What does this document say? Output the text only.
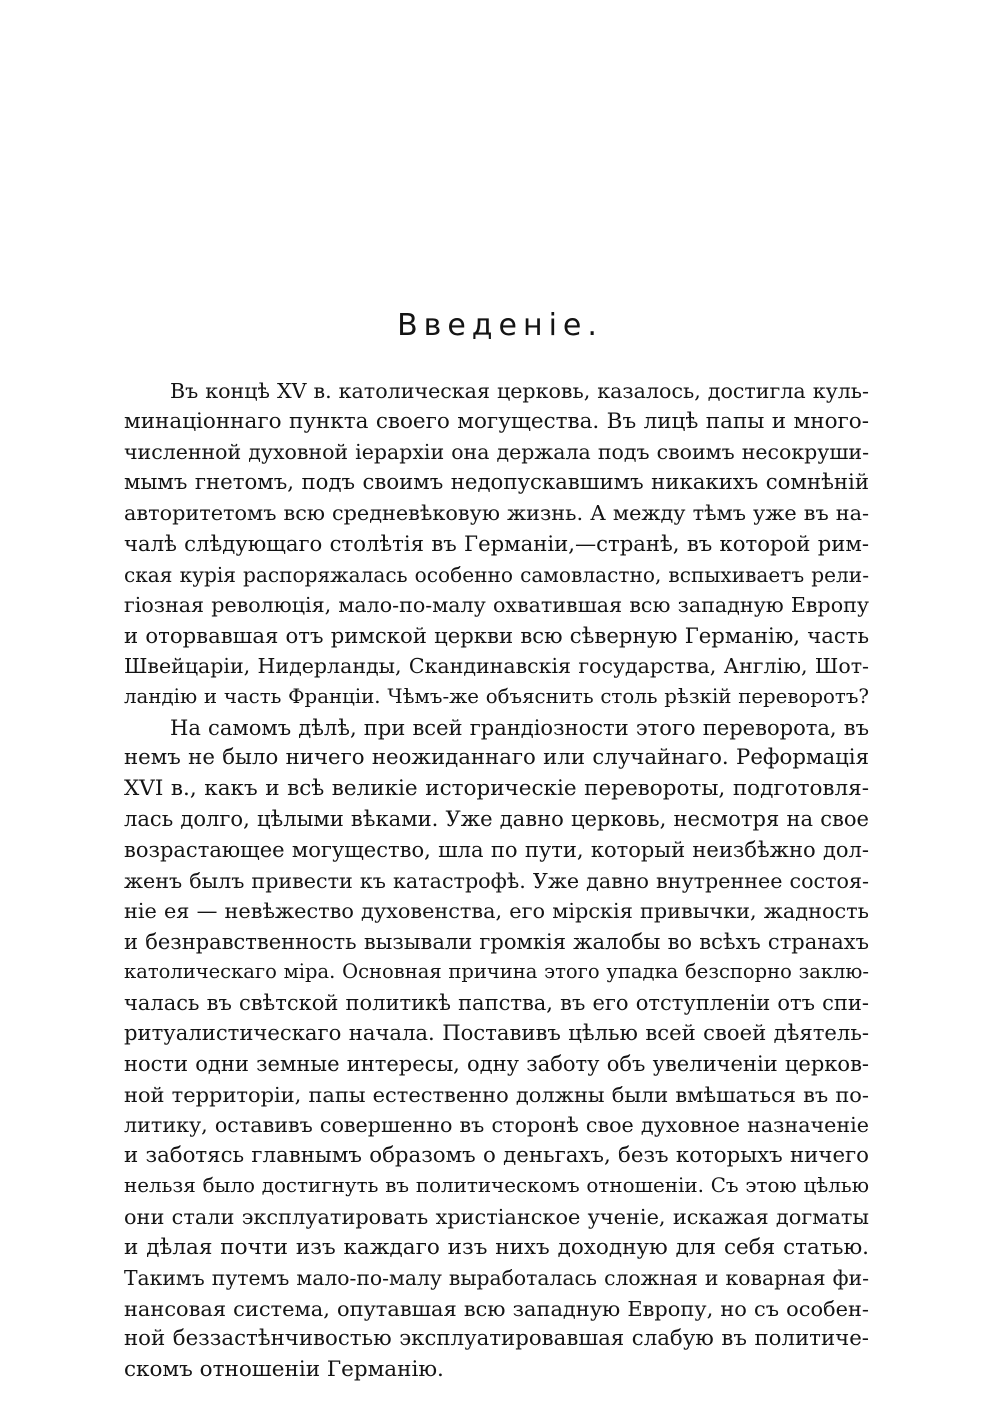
Введенiе.
Въ концѣ XV в. католическая церковь, казалось, достигла куль-
минацiоннаго пункта своего могущества. Въ лицѣ папы и много-
численной духовной iерархiи она держала подъ своимъ несокруши-
мымъ гнетомъ, подъ своимъ недопускавшимъ никакихъ сомнѣнiй
авторитетомъ всю средневѣковую жизнь. А между тѣмъ уже въ на-
чалѣ слѣдующаго столѣтiя въ Германiи,—странѣ, въ которой рим-
ская курiя распоряжалась особенно самовластно, вспыхиваетъ рели-
гiозная революцiя, мало-по-малу охватившая всю западную Европу
и оторвавшая отъ римской церкви всю сѣверную Германiю, часть
Швейцарiи, Нидерланды, Скандинавскiя государства, Англiю, Шот-
ландiю и часть Францiи. Чѣмъ-же объяснить столь рѣзкiй переворотъ?
На самомъ дѣлѣ, при всей грандiозности этого переворота, въ
немъ не было ничего неожиданнаго или случайнаго. Реформацiя
XVI в., какъ и всѣ великiе историческiе перевороты, подготовля-
лась долго, цѣлыми вѣками. Уже давно церковь, несмотря на свое
возрастающее могущество, шла по пути, который неизбѣжно дол-
женъ былъ привести къ катастрофѣ. Уже давно внутреннее состоя-
нiе ея — невѣжество духовенства, его мiрскiя привычки, жадность
и безнравственность вызывали громкiя жалобы во всѣхъ странахъ
католическаго мiра. Основная причина этого упадка безспорно заклю-
чалась въ свѣтской политикѣ папства, въ его отступленiи отъ спи-
ритуалистическаго начала. Поставивъ цѣлью всей своей дѣятель-
ности одни земные интересы, одну заботу объ увеличенiи церков-
ной территорiи, папы естественно должны были вмѣшаться въ по-
литику, оставивъ совершенно въ сторонѣ свое духовное назначенiе
и заботясь главнымъ образомъ о деньгахъ, безъ которыхъ ничего
нельзя было достигнуть въ политическомъ отношенiи. Съ этою цѣлью
они стали эксплуатировать христiанское ученiе, искажая догматы
и дѣлая почти изъ каждаго изъ нихъ доходную для себя статью.
Такимъ путемъ мало-по-малу выработалась сложная и коварная фи-
нансовая система, опутавшая всю западную Европу, но съ особен-
ной беззастѣнчивостью эксплуатировавшая слабую въ политиче-
скомъ отношенiи Германiю.
